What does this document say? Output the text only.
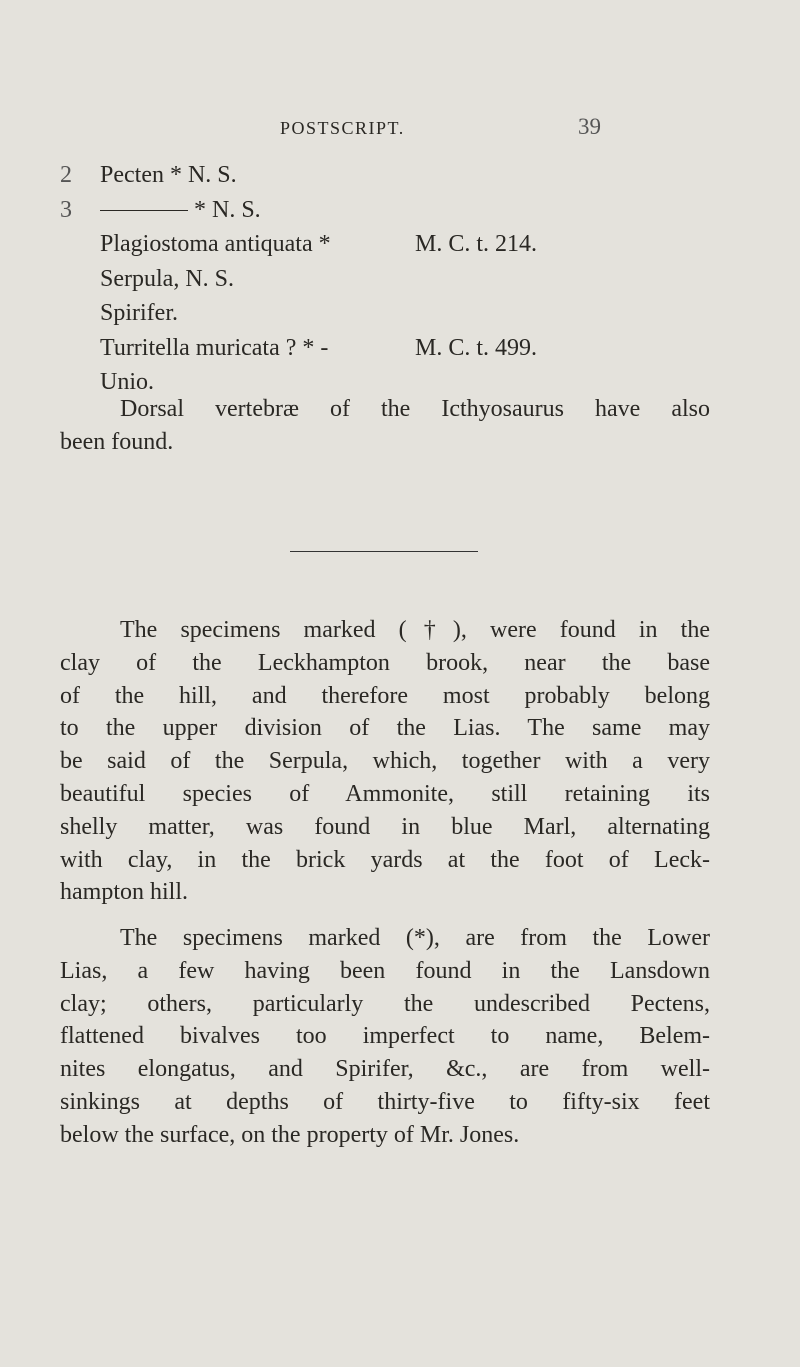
POSTSCRIPT.	39
2 Pecten * N. S.
3	* N. S.
Plagiostoma antiquata *	M. C. t. 214.
Serpula, N. S.
Spirifer.
Turritella muricata ? * -	M. C. t. 499.
Unio.

Dorsal vertebræ of the Icthyosaurus have also
been found.

The specimens marked (†), were found in the
clay of the Leckhampton brook, near the base
of the hill, and therefore most probably belong
to the upper division of the Lias. The same may
be said of the Serpula, which, together with a very
beautiful species of Ammonite, still retaining its
shelly matter, was found in blue Marl, alternating
with clay, in the brick yards at the foot of Leck-
hampton hill.

The specimens marked (*), are from the Lower
Lias, a few having been found in the Lansdown
clay; others, particularly the undescribed Pectens,
flattened bivalves too imperfect to name, Belem-
nites elongatus, and Spirifer, &c., are from well-
sinkings at depths of thirty-five to fifty-six feet
below the surface, on the property of Mr. Jones.
